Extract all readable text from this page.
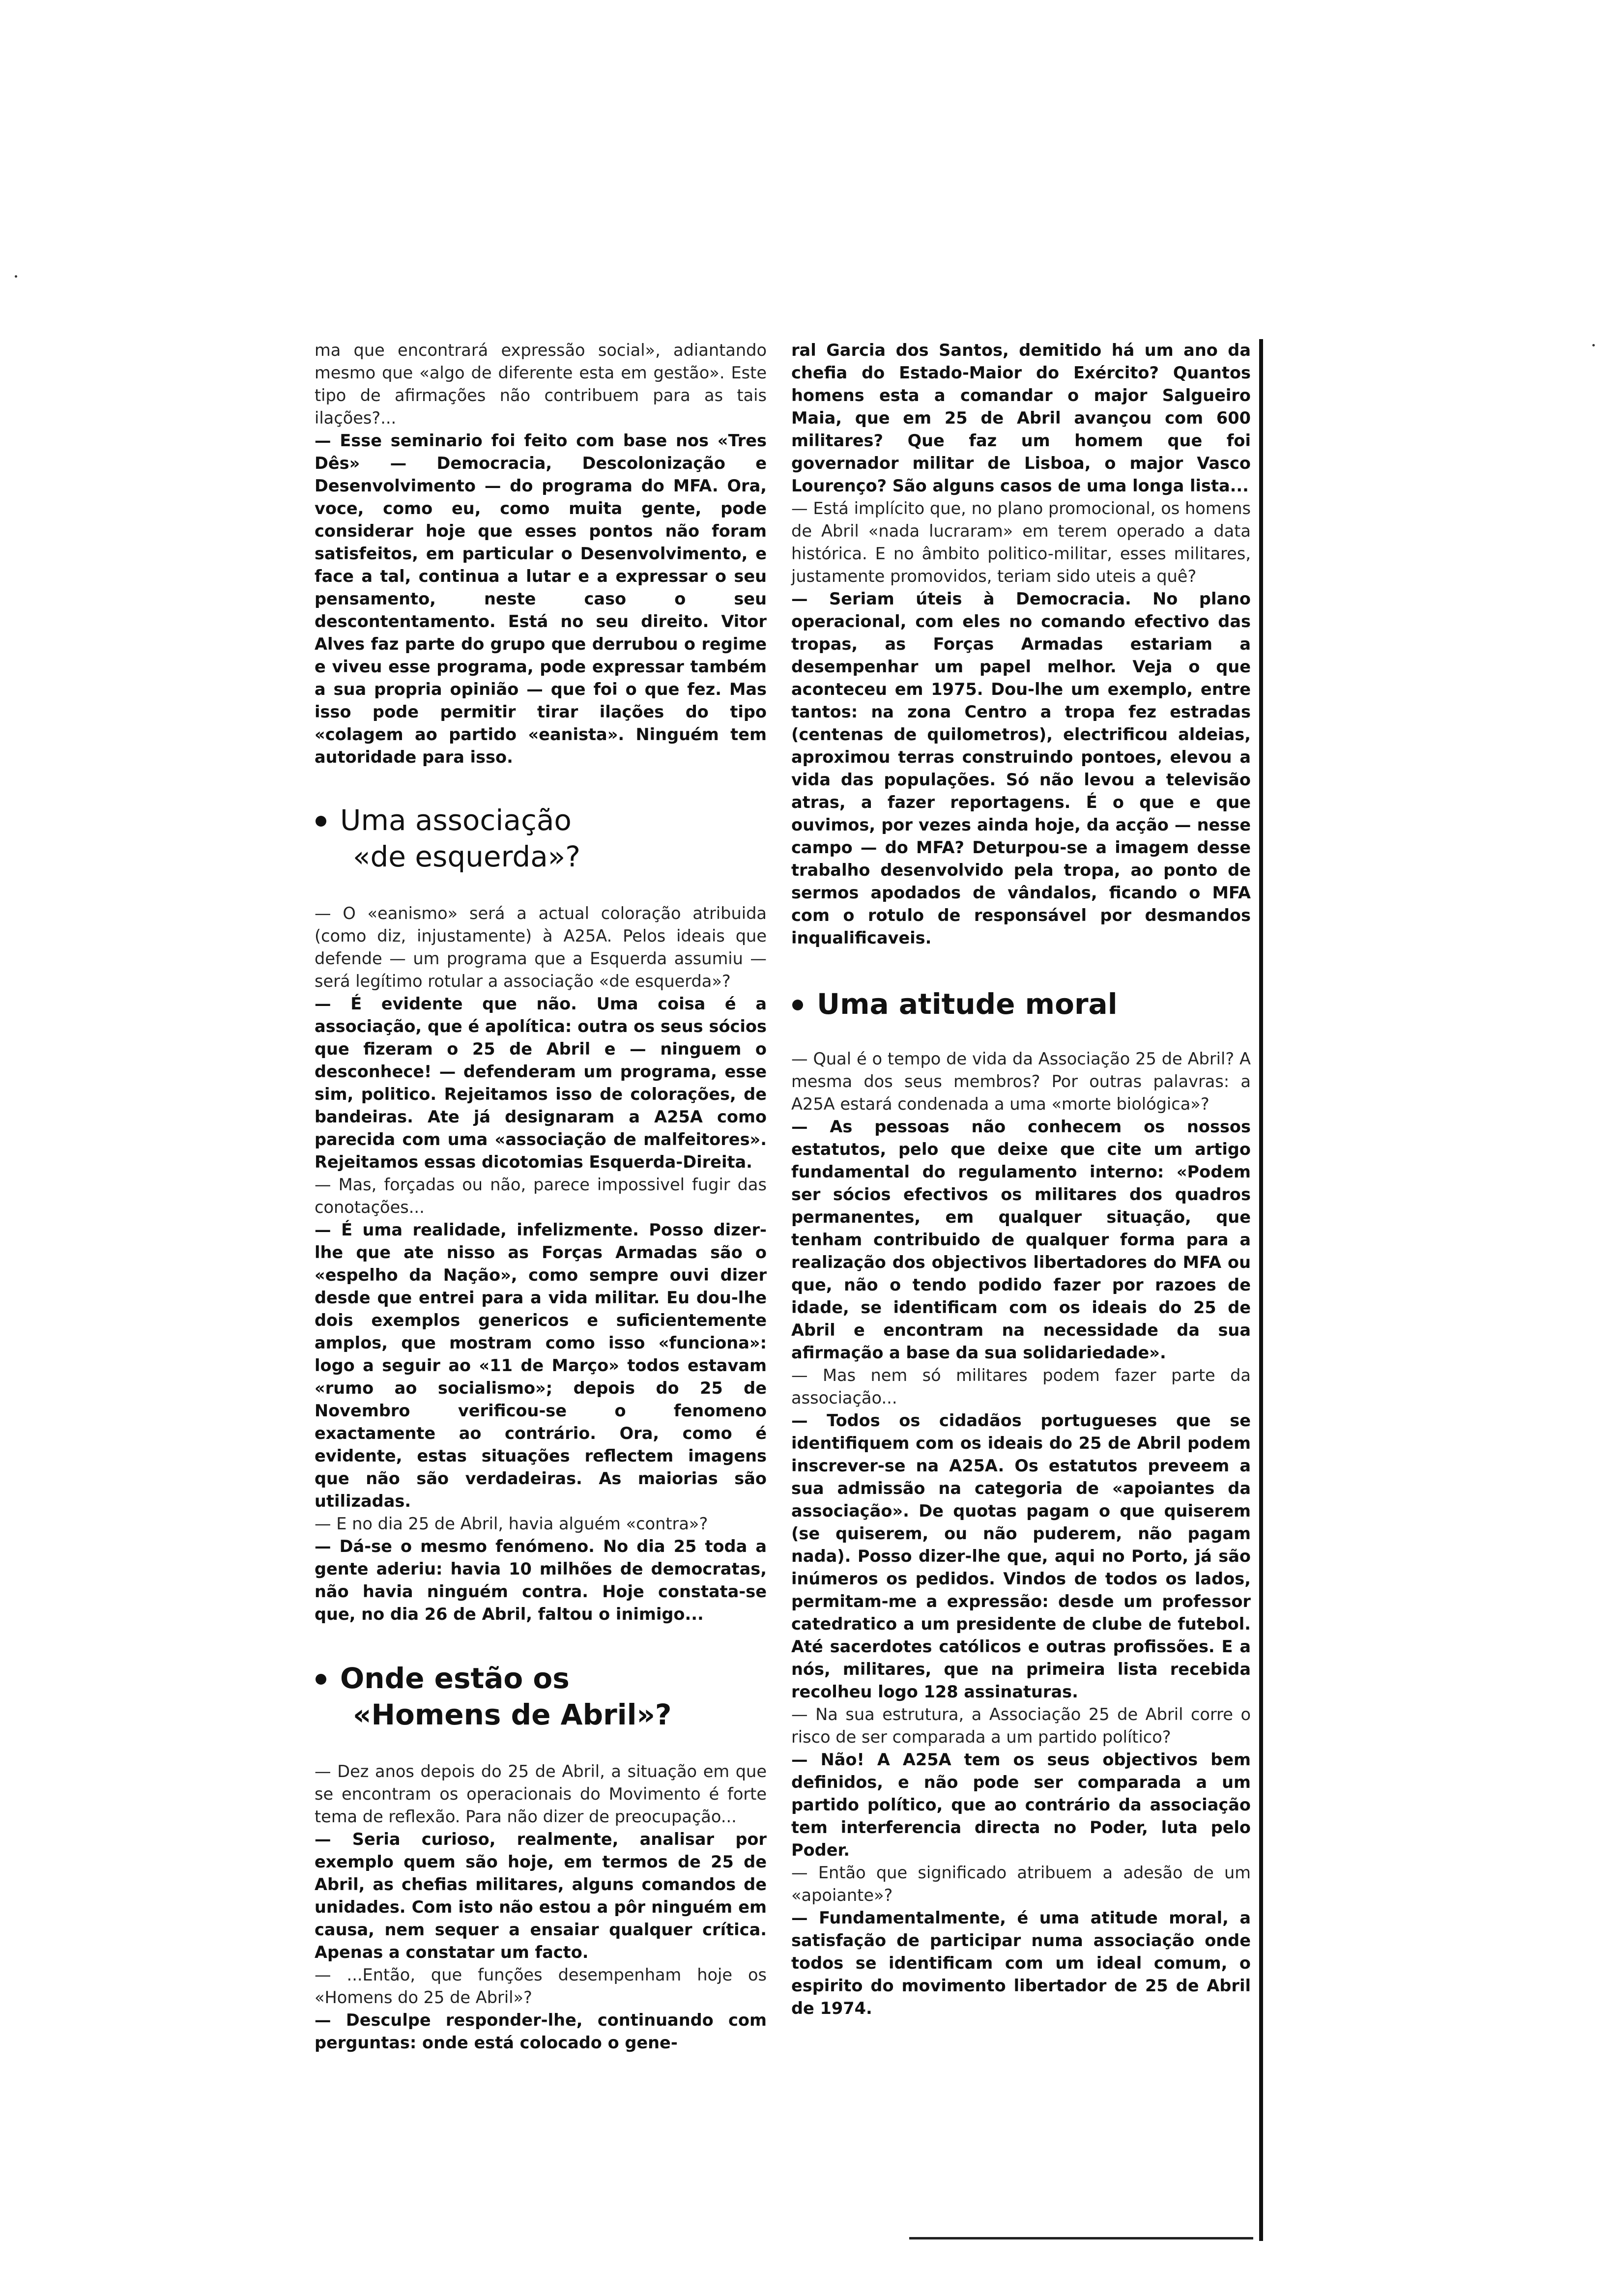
ma que encontrará expressão social», adiantando mesmo que «algo de diferente esta em gestão». Este tipo de afirmações não contribuem para as tais ilações?...

— Esse seminario foi feito com base nos «Tres Dês» — Democracia, Descolonização e Desenvolvimento — do programa do MFA. Ora, voce, como eu, como muita gente, pode considerar hoje que esses pontos não foram satisfeitos, em particular o Desenvolvimento, e face a tal, continua a lutar e a expressar o seu pensamento, neste caso o seu descontentamento. Está no seu direito. Vitor Alves faz parte do grupo que derrubou o regime e viveu esse programa, pode expressar também a sua propria opinião — que foi o que fez. Mas isso pode permitir tirar ilações do tipo «colagem ao partido «eanista». Ninguém tem autoridade para isso.

Uma associação
«de esquerda»?

— O «eanismo» será a actual coloração atribuida (como diz, injustamente) à A25A. Pelos ideais que defende — um programa que a Esquerda assumiu — será legítimo rotular a associação «de esquerda»?

— É evidente que não. Uma coisa é a associação, que é apolítica: outra os seus sócios que fizeram o 25 de Abril e — ninguem o desconhece! — defenderam um programa, esse sim, politico. Rejeitamos isso de colorações, de bandeiras. Ate já designaram a A25A como parecida com uma «associação de malfeitores». Rejeitamos essas dicotomias Esquerda-Direita.

— Mas, forçadas ou não, parece impossivel fugir das conotações...

— É uma realidade, infelizmente. Posso dizer-lhe que ate nisso as Forças Armadas são o «espelho da Nação», como sempre ouvi dizer desde que entrei para a vida militar. Eu dou-lhe dois exemplos genericos e suficientemente amplos, que mostram como isso «funciona»: logo a seguir ao «11 de Março» todos estavam «rumo ao socialismo»; depois do 25 de Novembro verificou-se o fenomeno exactamente ao contrário. Ora, como é evidente, estas situações reflectem imagens que não são verdadeiras. As maiorias são utilizadas.

— E no dia 25 de Abril, havia alguém «contra»?

— Dá-se o mesmo fenómeno. No dia 25 toda a gente aderiu: havia 10 milhões de democratas, não havia ninguém contra. Hoje constata-se que, no dia 26 de Abril, faltou o inimigo...

Onde estão os
«Homens de Abril»?

— Dez anos depois do 25 de Abril, a situação em que se encontram os operacionais do Movimento é forte tema de reflexão. Para não dizer de preocupação...

— Seria curioso, realmente, analisar por exemplo quem são hoje, em termos de 25 de Abril, as chefias militares, alguns comandos de unidades. Com isto não estou a pôr ninguém em causa, nem sequer a ensaiar qualquer crítica. Apenas a constatar um facto.

— ...Então, que funções desempenham hoje os «Homens do 25 de Abril»?

— Desculpe responder-lhe, continuando com perguntas: onde está colocado o gene-

ral Garcia dos Santos, demitido há um ano da chefia do Estado-Maior do Exército? Quantos homens esta a comandar o major Salgueiro Maia, que em 25 de Abril avançou com 600 militares? Que faz um homem que foi governador militar de Lisboa, o major Vasco Lourenço? São alguns casos de uma longa lista...

— Está implícito que, no plano promocional, os homens de Abril «nada lucraram» em terem operado a data histórica. E no âmbito politico-militar, esses militares, justamente promovidos, teriam sido uteis a quê?

— Seriam úteis à Democracia. No plano operacional, com eles no comando efectivo das tropas, as Forças Armadas estariam a desempenhar um papel melhor. Veja o que aconteceu em 1975. Dou-lhe um exemplo, entre tantos: na zona Centro a tropa fez estradas (centenas de quilometros), electrificou aldeias, aproximou terras construindo pontoes, elevou a vida das populações. Só não levou a televisão atras, a fazer reportagens. É o que e que ouvimos, por vezes ainda hoje, da acção — nesse campo — do MFA? Deturpou-se a imagem desse trabalho desenvolvido pela tropa, ao ponto de sermos apodados de vândalos, ficando o MFA com o rotulo de responsável por desmandos inqualificaveis.

Uma atitude moral

— Qual é o tempo de vida da Associação 25 de Abril? A mesma dos seus membros? Por outras palavras: a A25A estará condenada a uma «morte biológica»?

— As pessoas não conhecem os nossos estatutos, pelo que deixe que cite um artigo fundamental do regulamento interno: «Podem ser sócios efectivos os militares dos quadros permanentes, em qualquer situação, que tenham contribuido de qualquer forma para a realização dos objectivos libertadores do MFA ou que, não o tendo podido fazer por razoes de idade, se identificam com os ideais do 25 de Abril e encontram na necessidade da sua afirmação a base da sua solidariedade».

— Mas nem só militares podem fazer parte da associação...

— Todos os cidadãos portugueses que se identifiquem com os ideais do 25 de Abril podem inscrever-se na A25A. Os estatutos preveem a sua admissão na categoria de «apoiantes da associação». De quotas pagam o que quiserem (se quiserem, ou não puderem, não pagam nada). Posso dizer-lhe que, aqui no Porto, já são inúmeros os pedidos. Vindos de todos os lados, permitam-me a expressão: desde um professor catedratico a um presidente de clube de futebol. Até sacerdotes católicos e outras profissões. E a nós, militares, que na primeira lista recebida recolheu logo 128 assinaturas.

— Na sua estrutura, a Associação 25 de Abril corre o risco de ser comparada a um partido político?

— Não! A A25A tem os seus objectivos bem definidos, e não pode ser comparada a um partido político, que ao contrário da associação tem interferencia directa no Poder, luta pelo Poder.

— Então que significado atribuem a adesão de um «apoiante»?

— Fundamentalmente, é uma atitude moral, a satisfação de participar numa associação onde todos se identificam com um ideal comum, o espirito do movimento libertador de 25 de Abril de 1974.
